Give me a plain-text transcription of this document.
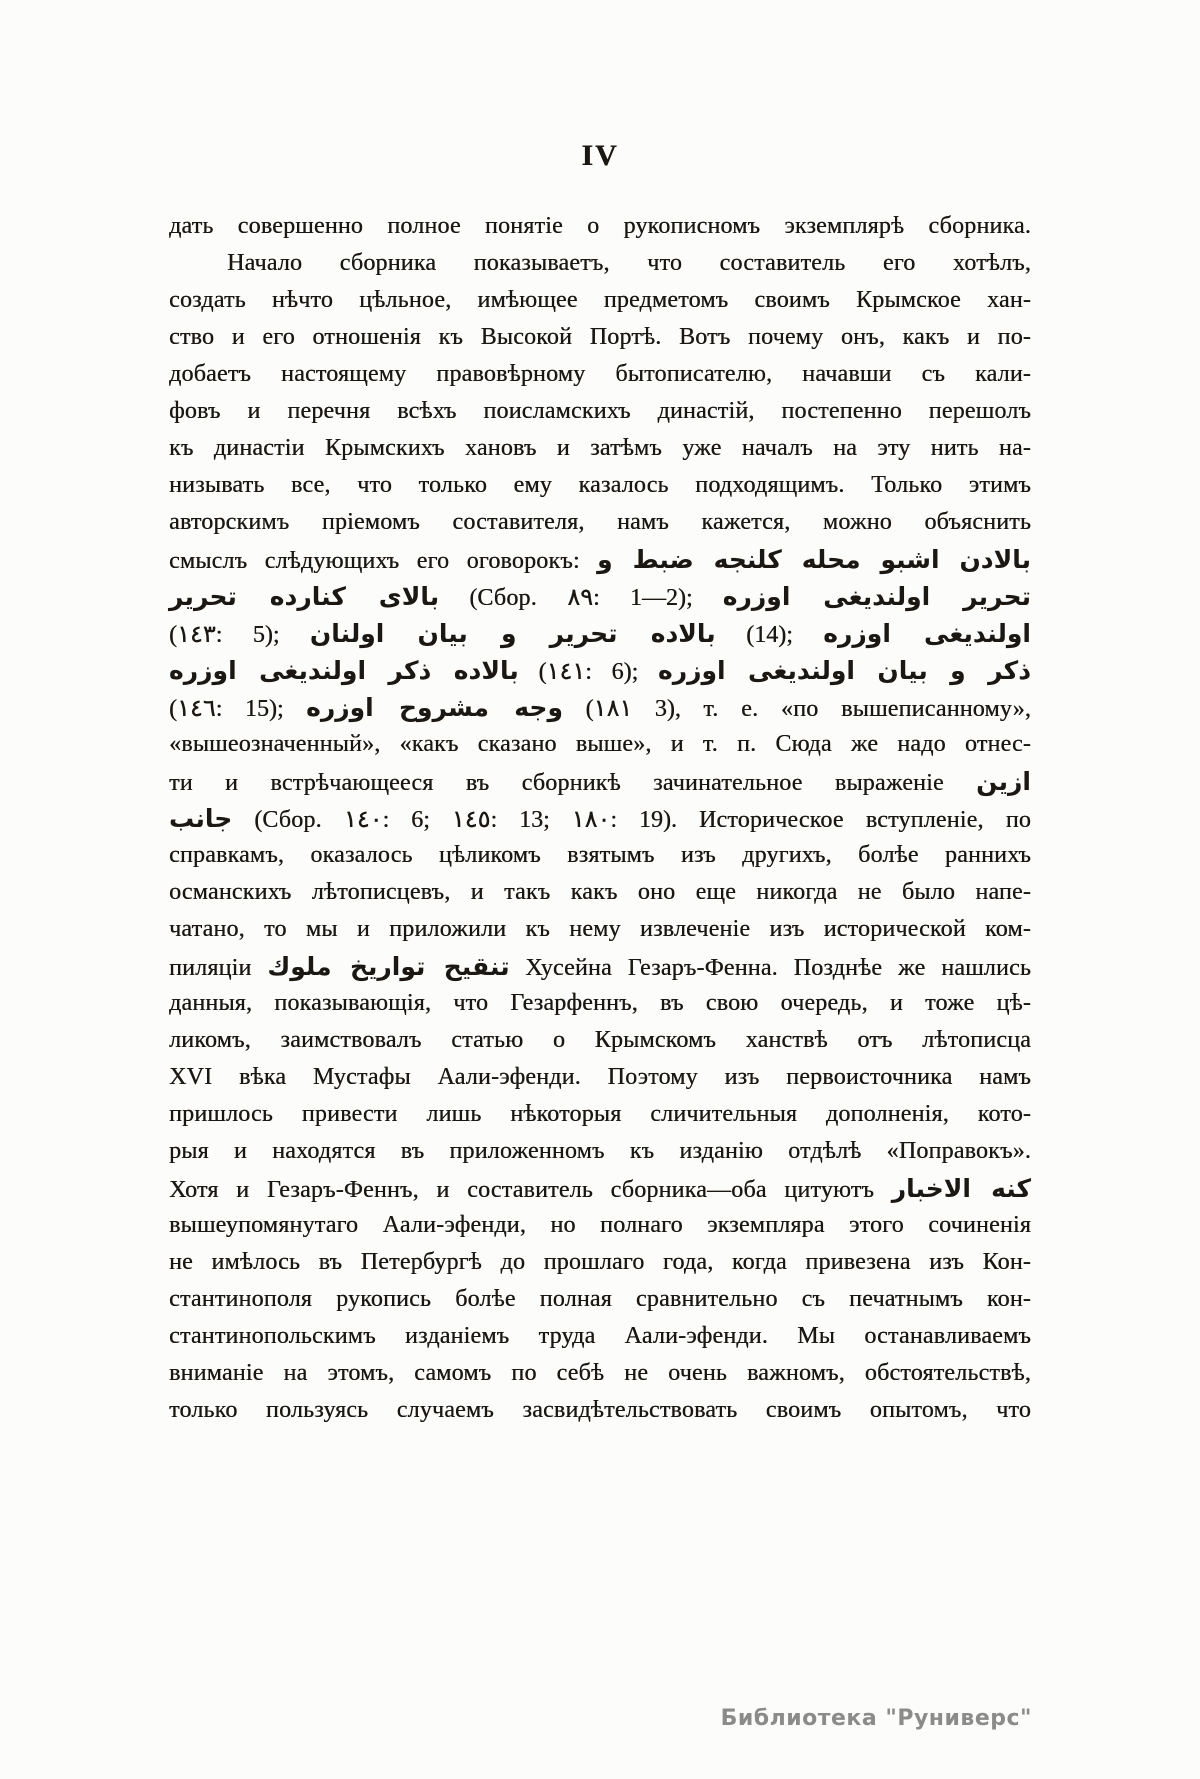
IV
дать совершенно полное понятіе о рукописномъ экземплярѣ сборника.
Начало сборника показываетъ, что составитель его хотѣлъ,
создать нѣчто цѣльное, имѣющее предметомъ своимъ Крымское хан-
ство и его отношенія къ Высокой Портѣ. Вотъ почему онъ, какъ и по-
добаетъ настоящему правовѣрному бытописателю, начавши съ кали-
фовъ и перечня всѣхъ поисламскихъ династій, постепенно перешолъ
къ династіи Крымскихъ хановъ и затѣмъ уже началъ на эту нить на-
низывать все, что только ему казалось подходящимъ. Только этимъ
авторскимъ пріемомъ составителя, намъ кажется, можно объяснить
смыслъ слѣдующихъ его оговорокъ: بالادن اشبو محله كلنجه ضبط و
بالاى كنارده تحرير (Сбор. ٨٩: 1—2); تحرير اولنديغى اوزره
(١٤٣: 5); بالاده تحرير و بيان اولنان (14); اولنديغى اوزره
بالاده ذكر اولنديغى اوزره (١٤١: 6); ذكر و بيان اولنديغى اوزره
(١٤٦: 15); وجه مشروح اوزره (١٨١ 3), т. е. «по вышеписанному»,
«вышеозначенный», «какъ сказано выше», и т. п. Сюда же надо отнес-
ти и встрѣчающееся въ сборникѣ зачинательное выраженіе ازين
جانب (Сбор. ١٤٠: 6; ١٤٥: 13; ١٨٠: 19). Историческое вступленіе, по
справкамъ, оказалось цѣликомъ взятымъ изъ другихъ, болѣе раннихъ
османскихъ лѣтописцевъ, и такъ какъ оно еще никогда не было напе-
чатано, то мы и приложили къ нему извлеченіе изъ исторической ком-
пиляціи تنقيح تواريخ ملوك Хусейна Гезаръ-Фенна. Позднѣе же нашлись
данныя, показывающія, что Гезарфеннъ, въ свою очередь, и тоже цѣ-
ликомъ, заимствовалъ статью о Крымскомъ ханствѣ отъ лѣтописца
XVI вѣка Мустафы Аали-эфенди. Поэтому изъ первоисточника намъ
пришлось привести лишь нѣкоторыя сличительныя дополненія, кото-
рыя и находятся въ приложенномъ къ изданію отдѣлѣ «Поправокъ».
Хотя и Гезаръ-Феннъ, и составитель сборника—оба цитуютъ كنه الاخبار
вышеупомянутаго Аали-эфенди, но полнаго экземпляра этого сочиненія
не имѣлось въ Петербургѣ до прошлаго года, когда привезена изъ Кон-
стантинополя рукопись болѣе полная сравнительно съ печатнымъ кон-
стантинопольскимъ изданіемъ труда Аали-эфенди. Мы останавливаемъ
вниманіе на этомъ, самомъ по себѣ не очень важномъ, обстоятельствѣ,
только пользуясь случаемъ засвидѣтельствовать своимъ опытомъ, что
Библиотека "Руниверс"
